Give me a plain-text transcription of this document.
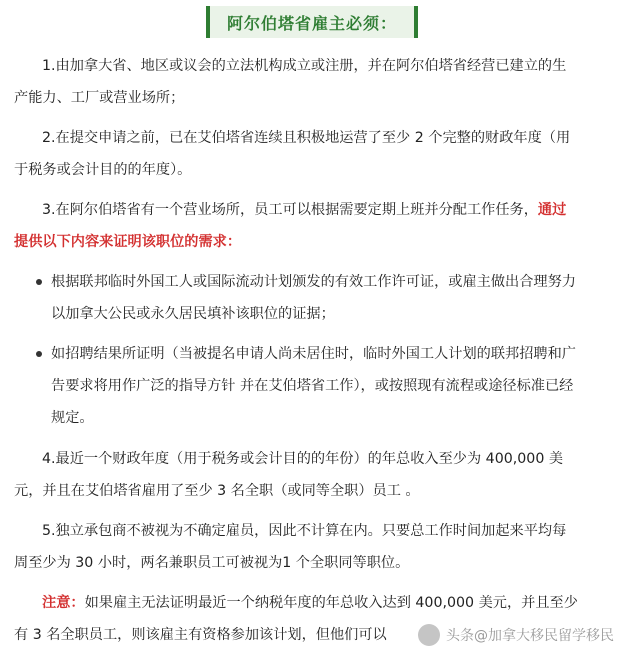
阿尔伯塔省雇主必须：
1.由加拿大省、地区或议会的立法机构成立或注册，并在阿尔伯塔省经营已建立的生
产能力、工厂或营业场所；
2.在提交申请之前，已在艾伯塔省连续且积极地运营了至少 2 个完整的财政年度（用
于税务或会计目的的年度）。
3.在阿尔伯塔省有一个营业场所，员工可以根据需要定期上班并分配工作任务，通过
提供以下内容来证明该职位的需求：
根据联邦临时外国工人或国际流动计划颁发的有效工作许可证，或雇主做出合理努力
以加拿大公民或永久居民填补该职位的证据；
如招聘结果所证明（当被提名申请人尚未居住时，临时外国工人计划的联邦招聘和广
告要求将用作广泛的指导方针 并在艾伯塔省工作），或按照现有流程或途径标准已经
规定。
4.最近一个财政年度（用于税务或会计目的的年份）的年总收入至少为 400,000 美
元，并且在艾伯塔省雇用了至少 3 名全职（或同等全职）员工 。
5.独立承包商不被视为不确定雇员，因此不计算在内。只要总工作时间加起来平均每
周至少为 30 小时，两名兼职员工可被视为1 个全职同等职位。
注意：如果雇主无法证明最近一个纳税年度的年总收入达到 400,000 美元，并且至少
有 3 名全职员工，则该雇主有资格参加该计划，但他们可以	头条@加拿大移民留学移民
